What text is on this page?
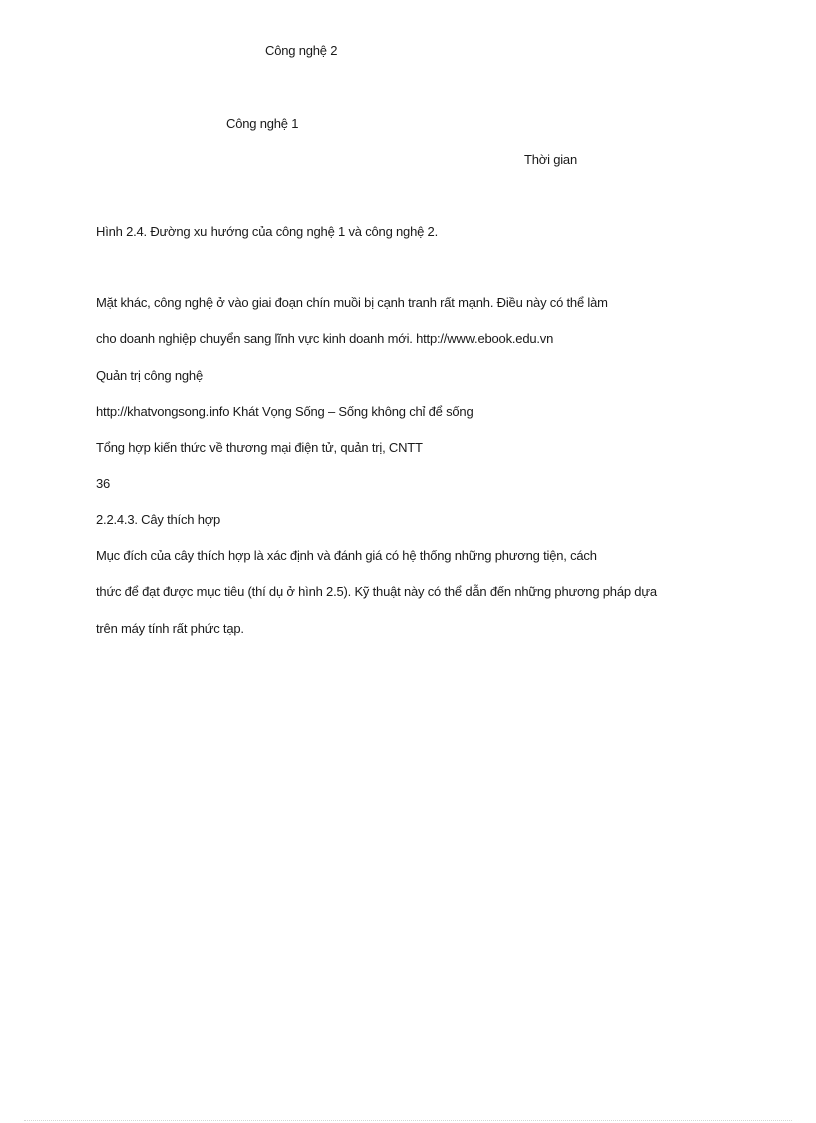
Công nghệ 2
Công nghệ 1
Thời gian
Hình 2.4. Đường xu hướng của công nghệ 1 và công nghệ 2.
Mặt khác, công nghệ ở vào giai đoạn chín muồi bị cạnh tranh rất mạnh. Điều này có thể làm
cho doanh nghiệp chuyển sang lĩnh vực kinh doanh mới. http://www.ebook.edu.vn
Quản trị công nghệ
http://khatvongsong.info Khát Vọng Sống – Sống không chỉ để sống
Tổng hợp kiến thức về thương mại điện tử, quản trị, CNTT
36
2.2.4.3. Cây thích hợp
Mục đích của cây thích hợp là xác định và đánh giá có hệ thống những phương tiện, cách
thức để đạt được mục tiêu (thí dụ ở hình 2.5). Kỹ thuật này có thể dẫn đến những phương pháp dựa
trên máy tính rất phức tạp.
